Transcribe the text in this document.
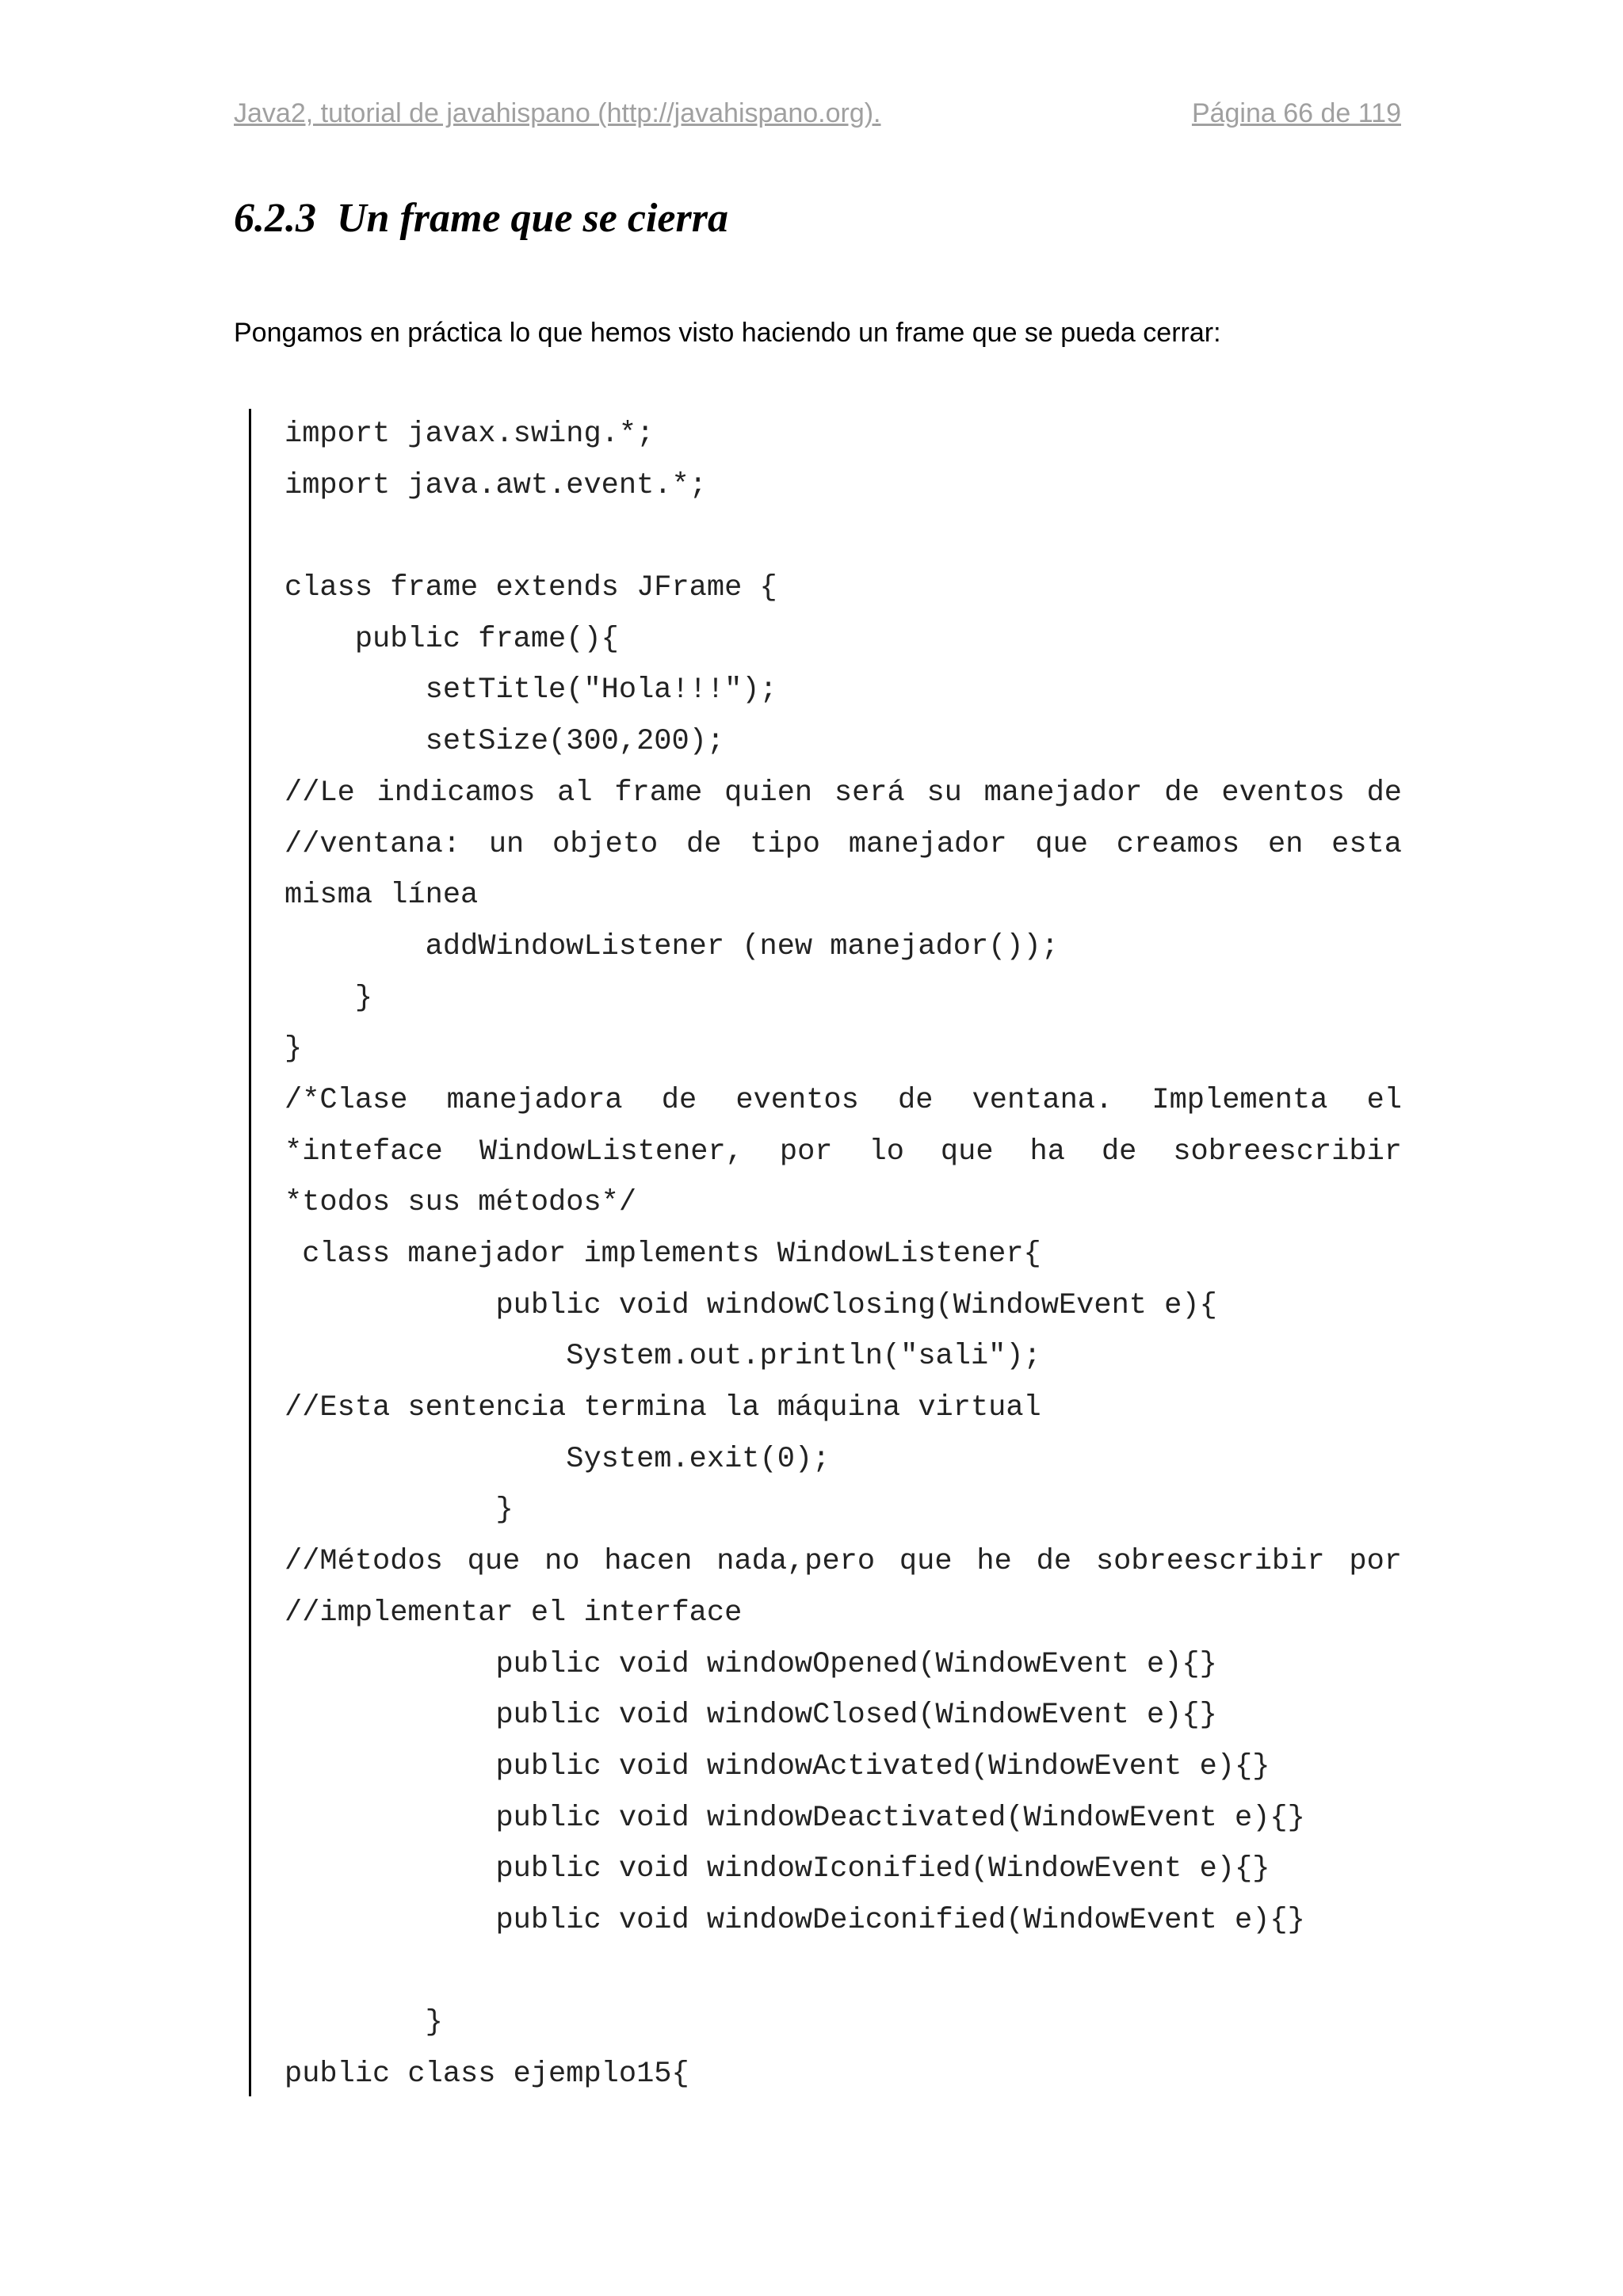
Java2, tutorial de javahispano (http://javahispano.org).	Página 66 de 119
6.2.3 Un frame que se cierra

Pongamos en práctica lo que hemos visto haciendo un frame que se pueda cerrar:

import javax.swing.*;
import java.awt.event.*;
class frame extends JFrame {
public frame(){
setTitle("Hola!!!");
setSize(300,200);
//Le indicamos al frame quien será su manejador de eventos de
//ventana: un objeto de tipo manejador que creamos en esta
misma línea
addWindowListener (new manejador());
}
}
/*Clase manejadora de eventos de ventana. Implementa el
*inteface WindowListener, por lo que ha de sobreescribir
*todos sus métodos*/
class manejador implements WindowListener{
public void windowClosing(WindowEvent e){
System.out.println("sali");
//Esta sentencia termina la máquina virtual
System.exit(0);
}
//Métodos que no hacen nada,pero que he de sobreescribir por
//implementar el interface
public void windowOpened(WindowEvent e){}
public void windowClosed(WindowEvent e){}
public void windowActivated(WindowEvent e){}
public void windowDeactivated(WindowEvent e){}
public void windowIconified(WindowEvent e){}
public void windowDeiconified(WindowEvent e){}
}
public class ejemplo15{
